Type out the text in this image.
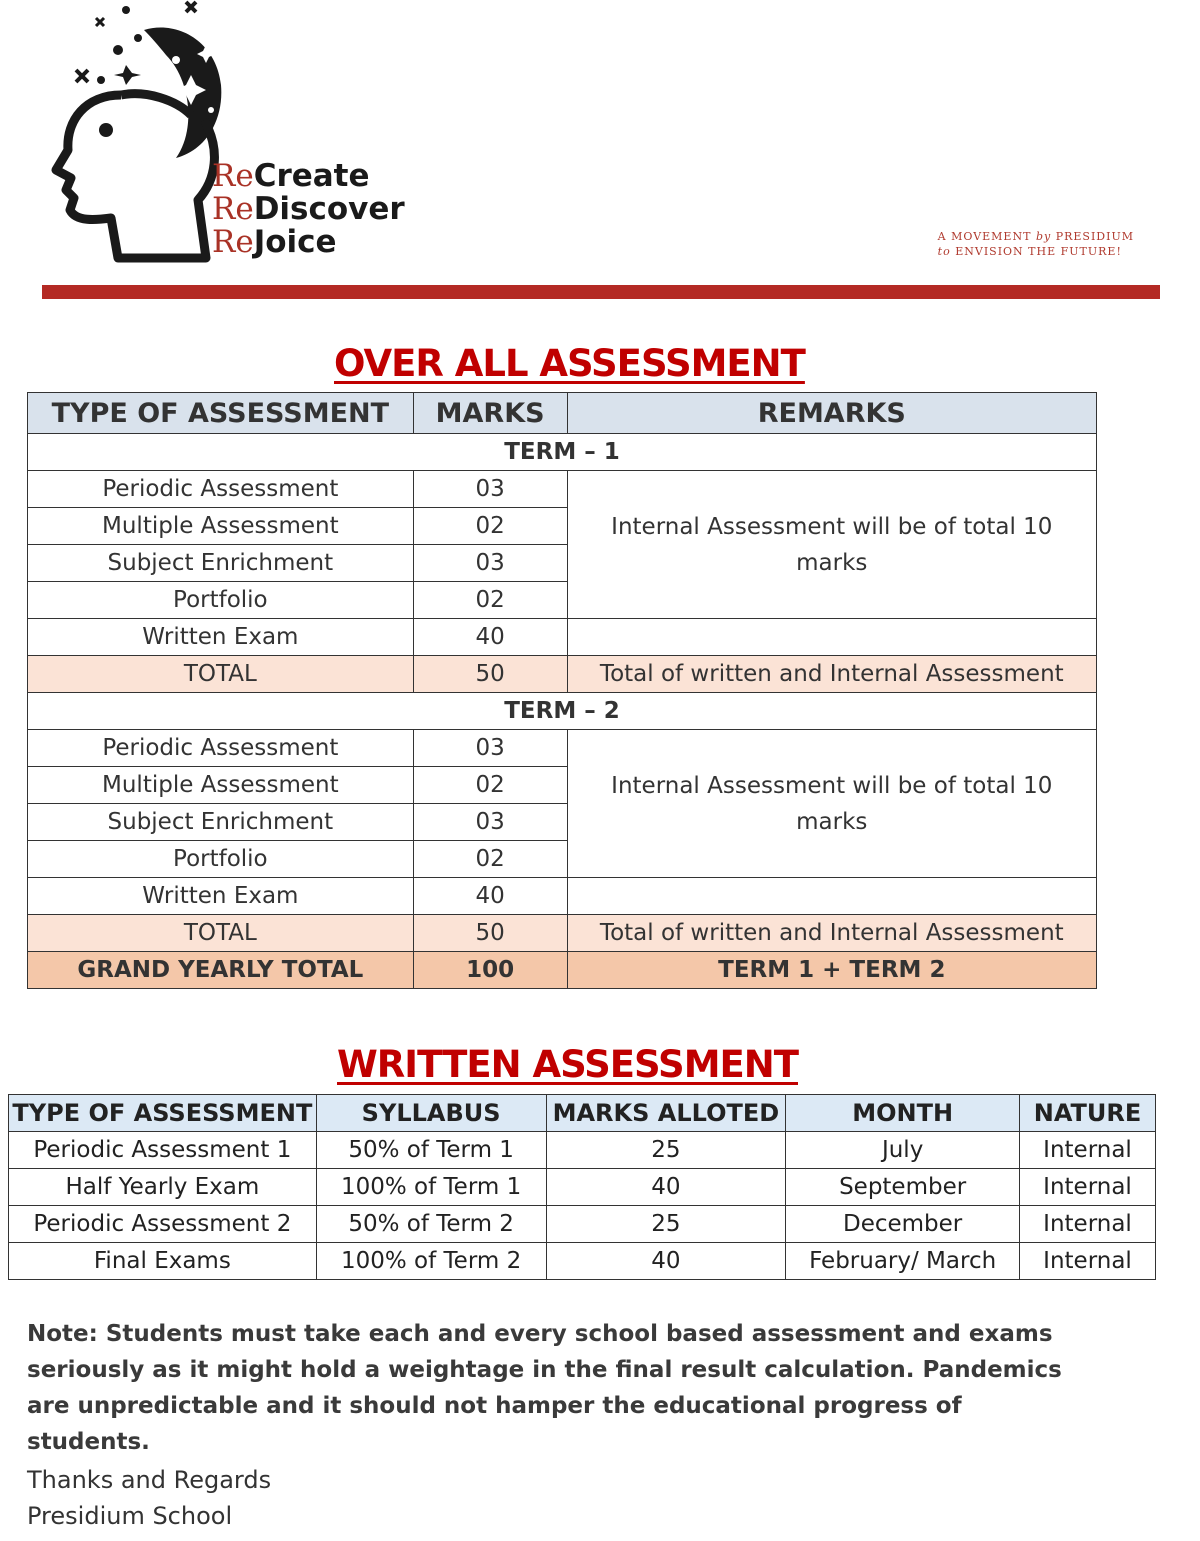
ReCreate
ReDiscover
ReJoice	A MOVEMENT by PRESIDIUM
to ENVISION THE FUTURE!
OVER ALL ASSESSMENT
TYPE OF ASSESSMENT	MARKS	REMARKS
TERM – 1		
Periodic Assessment	03	Internal Assessment will be of total 10 marks
Multiple Assessment	02	
Subject Enrichment	03	
Portfolio	02	
Written Exam	40	
TOTAL	50	Total of written and Internal Assessment
TERM – 2		
Periodic Assessment	03	Internal Assessment will be of total 10 marks
Multiple Assessment	02	
Subject Enrichment	03	
Portfolio	02	
Written Exam	40	
TOTAL	50	Total of written and Internal Assessment
GRAND YEARLY TOTAL	100	TERM 1 + TERM 2
WRITTEN ASSESSMENT
TYPE OF ASSESSMENT	SYLLABUS	MARKS ALLOTED	MONTH	NATURE
Periodic Assessment 1	50% of Term 1	25	July	Internal
Half Yearly Exam	100% of Term 1	40	September	Internal
Periodic Assessment 2	50% of Term 2	25	December	Internal
Final Exams	100% of Term 2	40	February/ March	Internal
Note: Students must take each and every school based assessment and exams seriously as it might hold a weightage in the final result calculation. Pandemics are unpredictable and it should not hamper the educational progress of students.
Thanks and Regards
Presidium School
